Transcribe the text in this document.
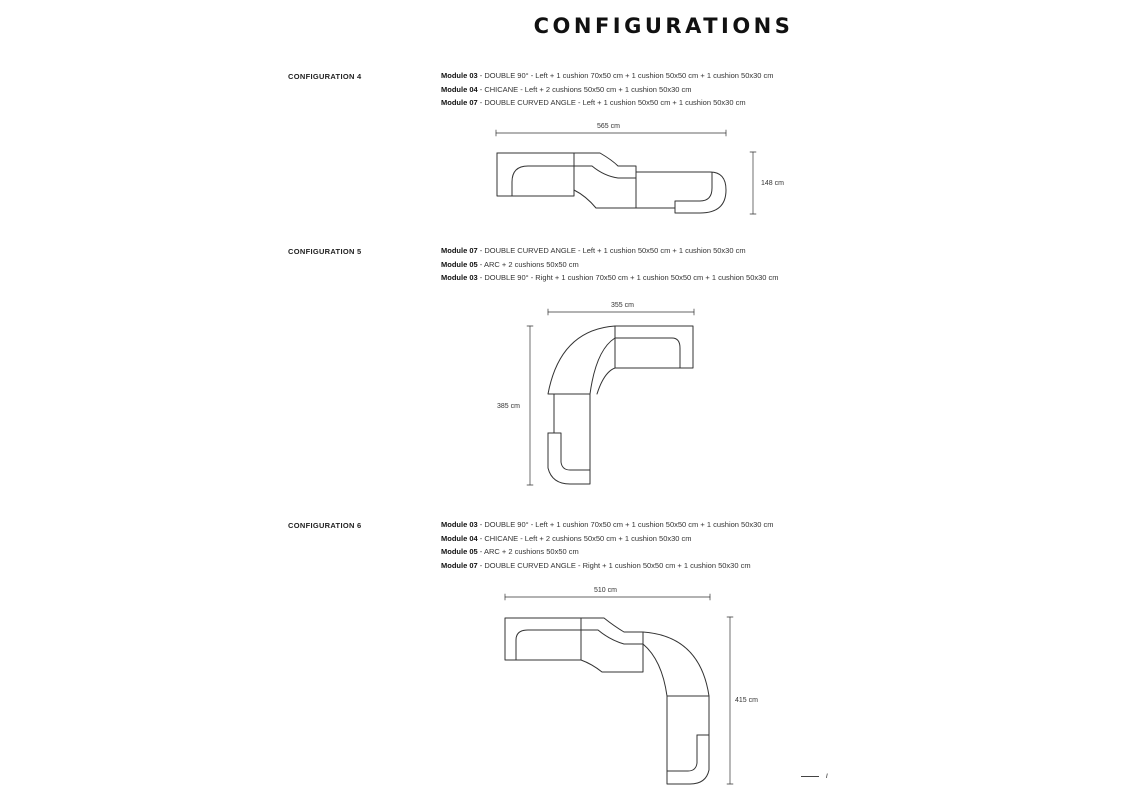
CONFIGURATIONS
CONFIGURATION 4	Module 03 - DOUBLE 90° - Left + 1 cushion 70x50 cm + 1 cushion 50x50 cm + 1 cushion 50x30 cm
Module 04 - CHICANE - Left + 2 cushions 50x50 cm + 1 cushion 50x30 cm
Module 07 - DOUBLE CURVED ANGLE - Left + 1 cushion 50x50 cm + 1 cushion 50x30 cm
565 cm
148 cm
CONFIGURATION 5	Module 07 - DOUBLE CURVED ANGLE - Left + 1 cushion 50x50 cm + 1 cushion 50x30 cm
Module 05 - ARC + 2 cushions 50x50 cm
Module 03 - DOUBLE 90° - Right + 1 cushion 70x50 cm + 1 cushion 50x50 cm + 1 cushion 50x30 cm
355 cm
385 cm
CONFIGURATION 6	Module 03 - DOUBLE 90° - Left + 1 cushion 70x50 cm + 1 cushion 50x50 cm + 1 cushion 50x30 cm
Module 04 - CHICANE - Left + 2 cushions 50x50 cm + 1 cushion 50x30 cm
Module 05 - ARC + 2 cushions 50x50 cm
Module 07 - DOUBLE CURVED ANGLE - Right + 1 cushion 50x50 cm + 1 cushion 50x30 cm
510 cm
415 cm
ι
